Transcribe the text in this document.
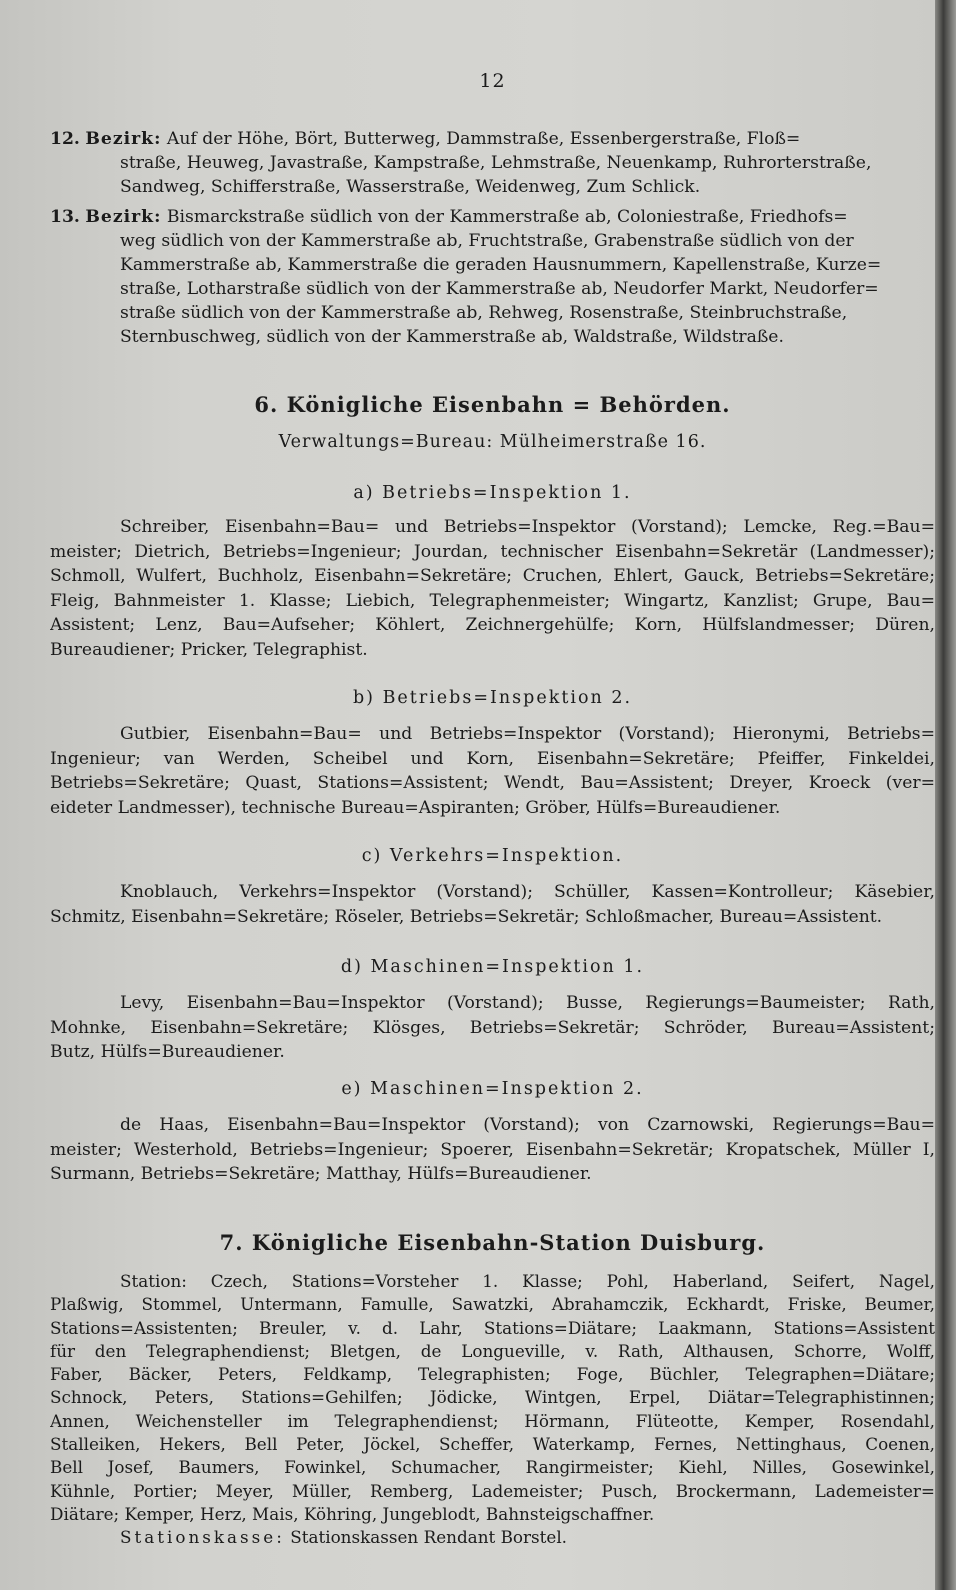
12
12. Bezirk: Auf der Höhe, Bört, Butterweg, Dammstraße, Essenbergerstraße, Floß=
straße, Heuweg, Javastraße, Kampstraße, Lehmstraße, Neuenkamp, Ruhrorterstraße,
Sandweg, Schifferstraße, Wasserstraße, Weidenweg, Zum Schlick.
13. Bezirk: Bismarckstraße südlich von der Kammerstraße ab, Coloniestraße, Friedhofs=
weg südlich von der Kammerstraße ab, Fruchtstraße, Grabenstraße südlich von der
Kammerstraße ab, Kammerstraße die geraden Hausnummern, Kapellenstraße, Kurze=
straße, Lotharstraße südlich von der Kammerstraße ab, Neudorfer Markt, Neudorfer=
straße südlich von der Kammerstraße ab, Rehweg, Rosenstraße, Steinbruchstraße,
Sternbuschweg, südlich von der Kammerstraße ab, Waldstraße, Wildstraße.
6. Königliche Eisenbahn = Behörden.
Verwaltungs=Bureau: Mülheimerstraße 16.
a) Betriebs=Inspektion 1.
Schreiber, Eisenbahn=Bau= und Betriebs=Inspektor (Vorstand); Lemcke, Reg.=Bau=
meister; Dietrich, Betriebs=Ingenieur; Jourdan, technischer Eisenbahn=Sekretär (Landmesser);
Schmoll, Wulfert, Buchholz, Eisenbahn=Sekretäre; Cruchen, Ehlert, Gauck, Betriebs=Sekretäre;
Fleig, Bahnmeister 1. Klasse; Liebich, Telegraphenmeister; Wingartz, Kanzlist; Grupe, Bau=
Assistent; Lenz, Bau=Aufseher; Köhlert, Zeichnergehülfe; Korn, Hülfslandmesser; Düren,
Bureaudiener; Pricker, Telegraphist.
b) Betriebs=Inspektion 2.
Gutbier, Eisenbahn=Bau= und Betriebs=Inspektor (Vorstand); Hieronymi, Betriebs=
Ingenieur; van Werden, Scheibel und Korn, Eisenbahn=Sekretäre; Pfeiffer, Finkeldei,
Betriebs=Sekretäre; Quast, Stations=Assistent; Wendt, Bau=Assistent; Dreyer, Kroeck (ver=
eideter Landmesser), technische Bureau=Aspiranten; Gröber, Hülfs=Bureaudiener.
c) Verkehrs=Inspektion.
Knoblauch, Verkehrs=Inspektor (Vorstand); Schüller, Kassen=Kontrolleur; Käsebier,
Schmitz, Eisenbahn=Sekretäre; Röseler, Betriebs=Sekretär; Schloßmacher, Bureau=Assistent.
d) Maschinen=Inspektion 1.
Levy, Eisenbahn=Bau=Inspektor (Vorstand); Busse, Regierungs=Baumeister; Rath,
Mohnke, Eisenbahn=Sekretäre; Klösges, Betriebs=Sekretär; Schröder, Bureau=Assistent;
Butz, Hülfs=Bureaudiener.
e) Maschinen=Inspektion 2.
de Haas, Eisenbahn=Bau=Inspektor (Vorstand); von Czarnowski, Regierungs=Bau=
meister; Westerhold, Betriebs=Ingenieur; Spoerer, Eisenbahn=Sekretär; Kropatschek, Müller I,
Surmann, Betriebs=Sekretäre; Matthay, Hülfs=Bureaudiener.
7. Königliche Eisenbahn-Station Duisburg.
Station: Czech, Stations=Vorsteher 1. Klasse; Pohl, Haberland, Seifert, Nagel,
Plaßwig, Stommel, Untermann, Famulle, Sawatzki, Abrahamczik, Eckhardt, Friske, Beumer,
Stations=Assistenten; Breuler, v. d. Lahr, Stations=Diätare; Laakmann, Stations=Assistent
für den Telegraphendienst; Bletgen, de Longueville, v. Rath, Althausen, Schorre, Wolff,
Faber, Bäcker, Peters, Feldkamp, Telegraphisten; Foge, Büchler, Telegraphen=Diätare;
Schnock, Peters, Stations=Gehilfen; Jödicke, Wintgen, Erpel, Diätar=Telegraphistinnen;
Annen, Weichensteller im Telegraphendienst; Hörmann, Flüteotte, Kemper, Rosendahl,
Stalleiken, Hekers, Bell Peter, Jöckel, Scheffer, Waterkamp, Fernes, Nettinghaus, Coenen,
Bell Josef, Baumers, Fowinkel, Schumacher, Rangirmeister; Kiehl, Nilles, Gosewinkel,
Kühnle, Portier; Meyer, Müller, Remberg, Lademeister; Pusch, Brockermann, Lademeister=
Diätare; Kemper, Herz, Mais, Köhring, Jungeblodt, Bahnsteigschaffner.
Stationskasse: Stationskassen Rendant Borstel.
